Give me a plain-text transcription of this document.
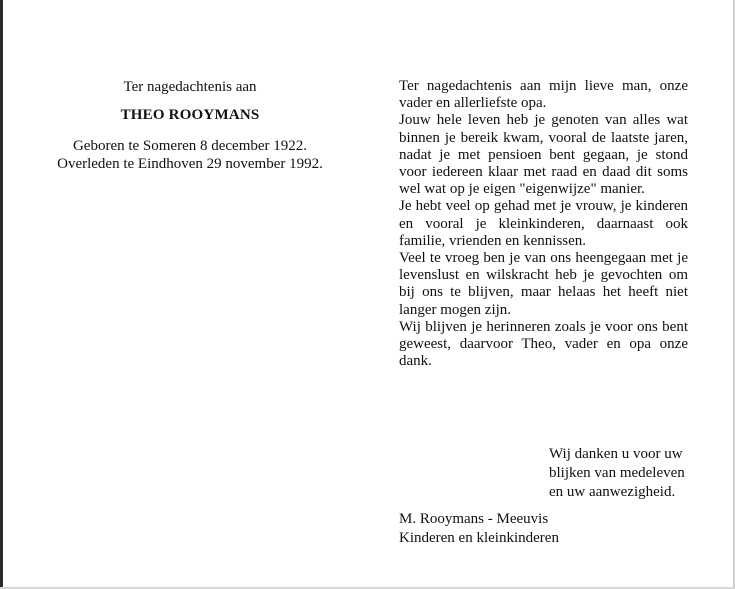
Ter nagedachtenis aan

THEO ROOYMANS

Geboren te Someren 8 december 1922.

Overleden te Eindhoven 29 november 1992.

Ter nagedachtenis aan mijn lieve man, onze vader en allerliefste opa.

Jouw hele leven heb je genoten van alles wat binnen je bereik kwam, vooral de laatste jaren, nadat je met pensioen bent gegaan, je stond voor iedereen klaar met raad en daad dit soms wel wat op je eigen "eigenwijze" manier.

Je hebt veel op gehad met je vrouw, je kinderen en vooral je kleinkinderen, daarnaast ook familie, vrienden en kennissen.

Veel te vroeg ben je van ons heengegaan met je levenslust en wilskracht heb je gevochten om bij ons te blijven, maar helaas het heeft niet langer mogen zijn.

Wij blijven je herinneren zoals je voor ons bent geweest, daarvoor Theo, vader en opa onze dank.

Wij danken u voor uw

blijken van medeleven

en uw aanwezigheid.

M. Rooymans - Meeuvis

Kinderen en kleinkinderen
